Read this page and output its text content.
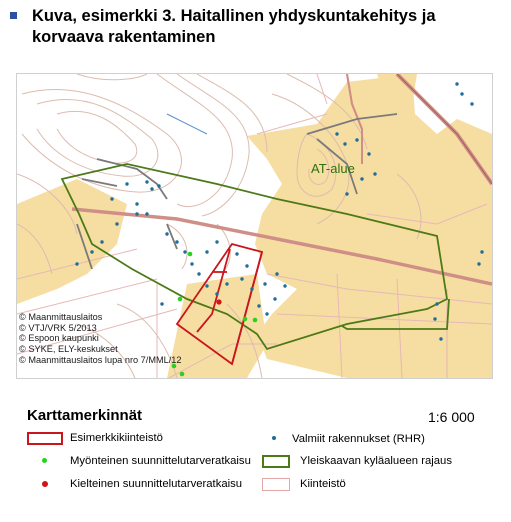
Kuva, esimerkki 3. Haitallinen yhdyskuntakehitys ja
korvaava rakentaminen
AT-alue
© Maanmittauslaitos
© VTJ/VRK 5/2013
© Espoon kaupunki
© SYKE, ELY-keskukset
© Maanmittauslaitos lupa nro 7/MML/12
Karttamerkinnät	1:6 000
Esimerkkikiinteistö	Valmiit rakennukset (RHR)
Myönteinen suunnittelutarveratkaisu	Yleiskaavan kyläalueen rajaus
Kielteinen suunnittelutarveratkaisu	Kiinteistö
